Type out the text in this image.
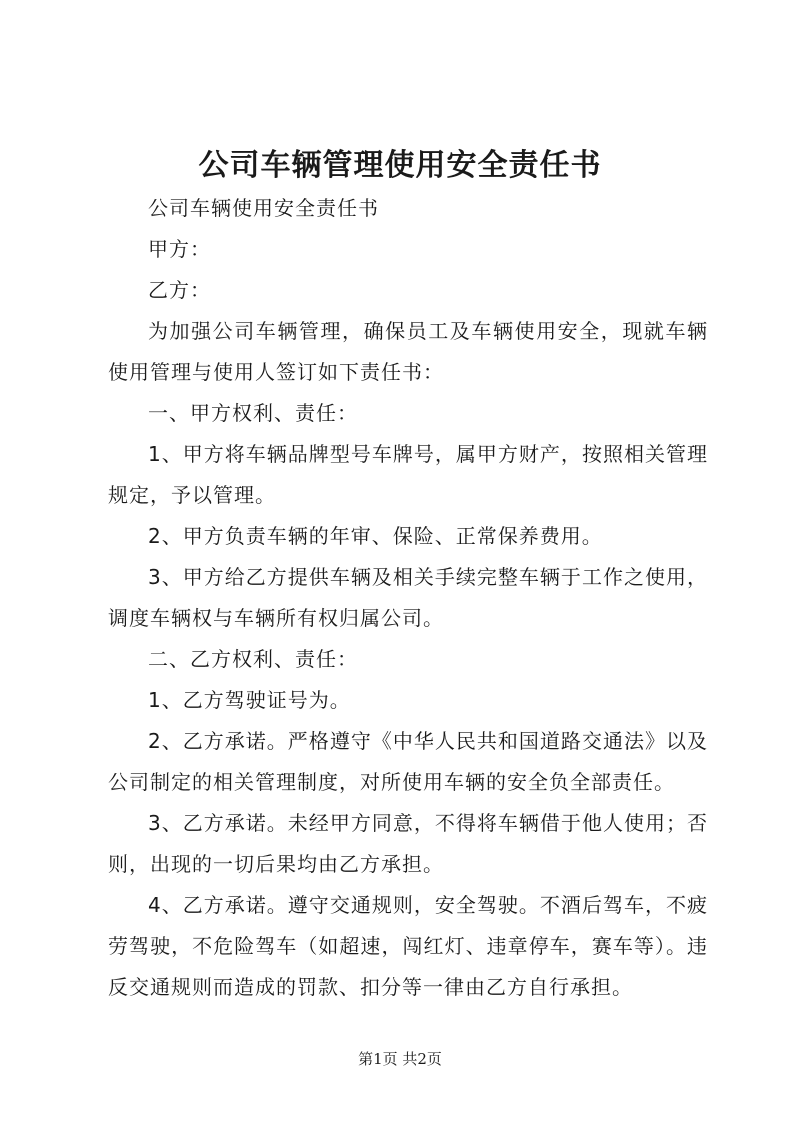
公司车辆管理使用安全责任书

公司车辆使用安全责任书

甲方：

乙方：

为加强公司车辆管理，确保员工及车辆使用安全，现就车辆使用管理与使用人签订如下责任书：

一、甲方权利、责任：

1、甲方将车辆品牌型号车牌号，属甲方财产，按照相关管理规定，予以管理。

2、甲方负责车辆的年审、保险、正常保养费用。

3、甲方给乙方提供车辆及相关手续完整车辆于工作之使用，调度车辆权与车辆所有权归属公司。

二、乙方权利、责任：

1、乙方驾驶证号为。

2、乙方承诺。严格遵守《中华人民共和国道路交通法》以及公司制定的相关管理制度，对所使用车辆的安全负全部责任。

3、乙方承诺。未经甲方同意，不得将车辆借于他人使用；否则，出现的一切后果均由乙方承担。

4、乙方承诺。遵守交通规则，安全驾驶。不酒后驾车，不疲劳驾驶，不危险驾车（如超速，闯红灯、违章停车，赛车等）。违反交通规则而造成的罚款、扣分等一律由乙方自行承担。

第1页 共2页
